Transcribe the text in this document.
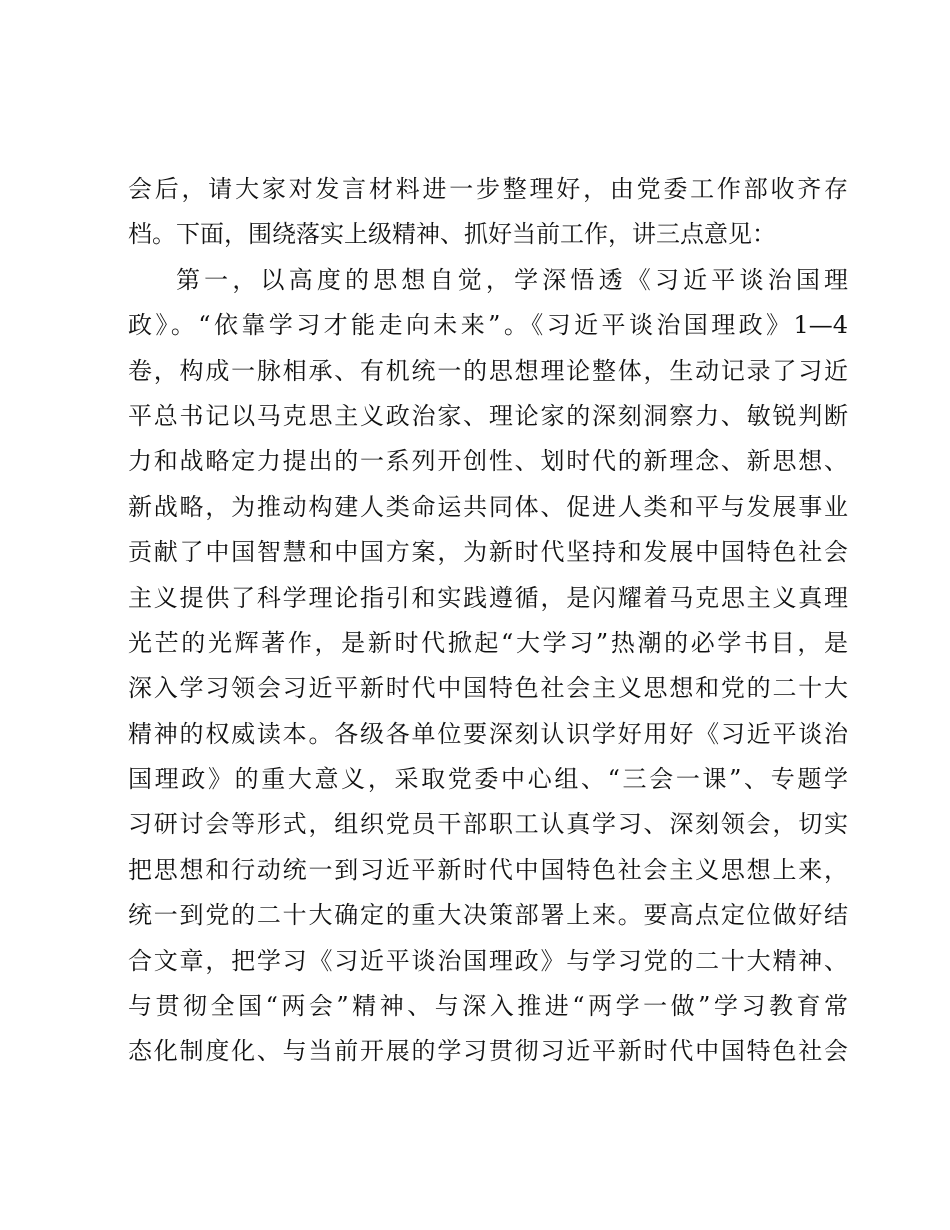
会后，请大家对发言材料进一步整理好，由党委工作部收齐存
档。下面，围绕落实上级精神、抓好当前工作，讲三点意见：
第一，以高度的思想自觉，学深悟透《习近平谈治国理
政》。“依靠学习才能走向未来”。《习近平谈治国理政》1—4
卷，构成一脉相承、有机统一的思想理论整体，生动记录了习近
平总书记以马克思主义政治家、理论家的深刻洞察力、敏锐判断
力和战略定力提出的一系列开创性、划时代的新理念、新思想、
新战略，为推动构建人类命运共同体、促进人类和平与发展事业
贡献了中国智慧和中国方案，为新时代坚持和发展中国特色社会
主义提供了科学理论指引和实践遵循，是闪耀着马克思主义真理
光芒的光辉著作，是新时代掀起“大学习”热潮的必学书目，是
深入学习领会习近平新时代中国特色社会主义思想和党的二十大
精神的权威读本。各级各单位要深刻认识学好用好《习近平谈治
国理政》的重大意义，采取党委中心组、“三会一课”、专题学
习研讨会等形式，组织党员干部职工认真学习、深刻领会，切实
把思想和行动统一到习近平新时代中国特色社会主义思想上来，
统一到党的二十大确定的重大决策部署上来。要高点定位做好结
合文章，把学习《习近平谈治国理政》与学习党的二十大精神、
与贯彻全国“两会”精神、与深入推进“两学一做”学习教育常
态化制度化、与当前开展的学习贯彻习近平新时代中国特色社会
